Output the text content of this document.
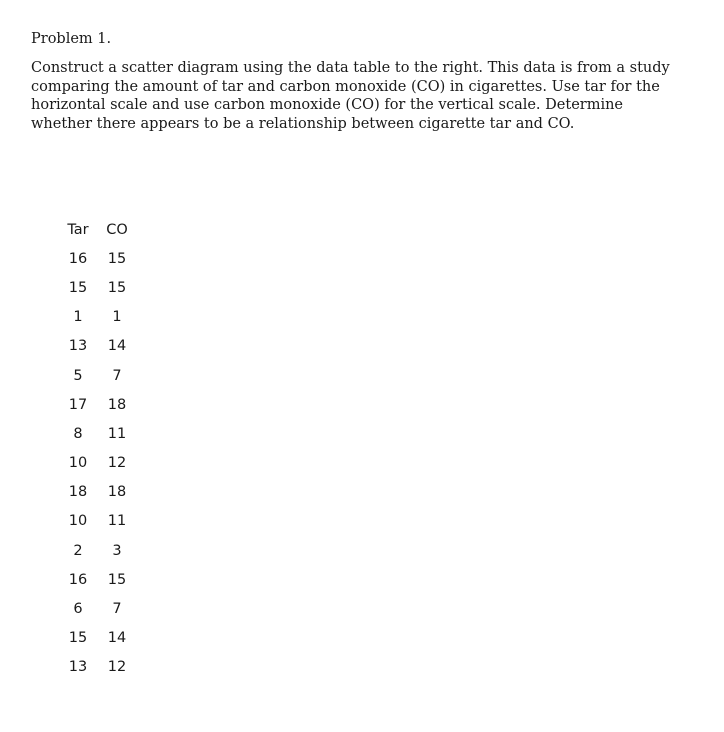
Problem 1.

Construct a scatter diagram using the data table to the right. This data is from a study
comparing the amount of tar and carbon monoxide (CO) in cigarettes. Use tar for the
horizontal scale and use carbon monoxide (CO) for the vertical scale. Determine
whether there appears to be a relationship between cigarette tar and CO.

Tar	CO
16	15
15	15
1	1
13	14
5	7
17	18
8	11
10	12
18	18
10	11
2	3
16	15
6	7
15	14
13	12
